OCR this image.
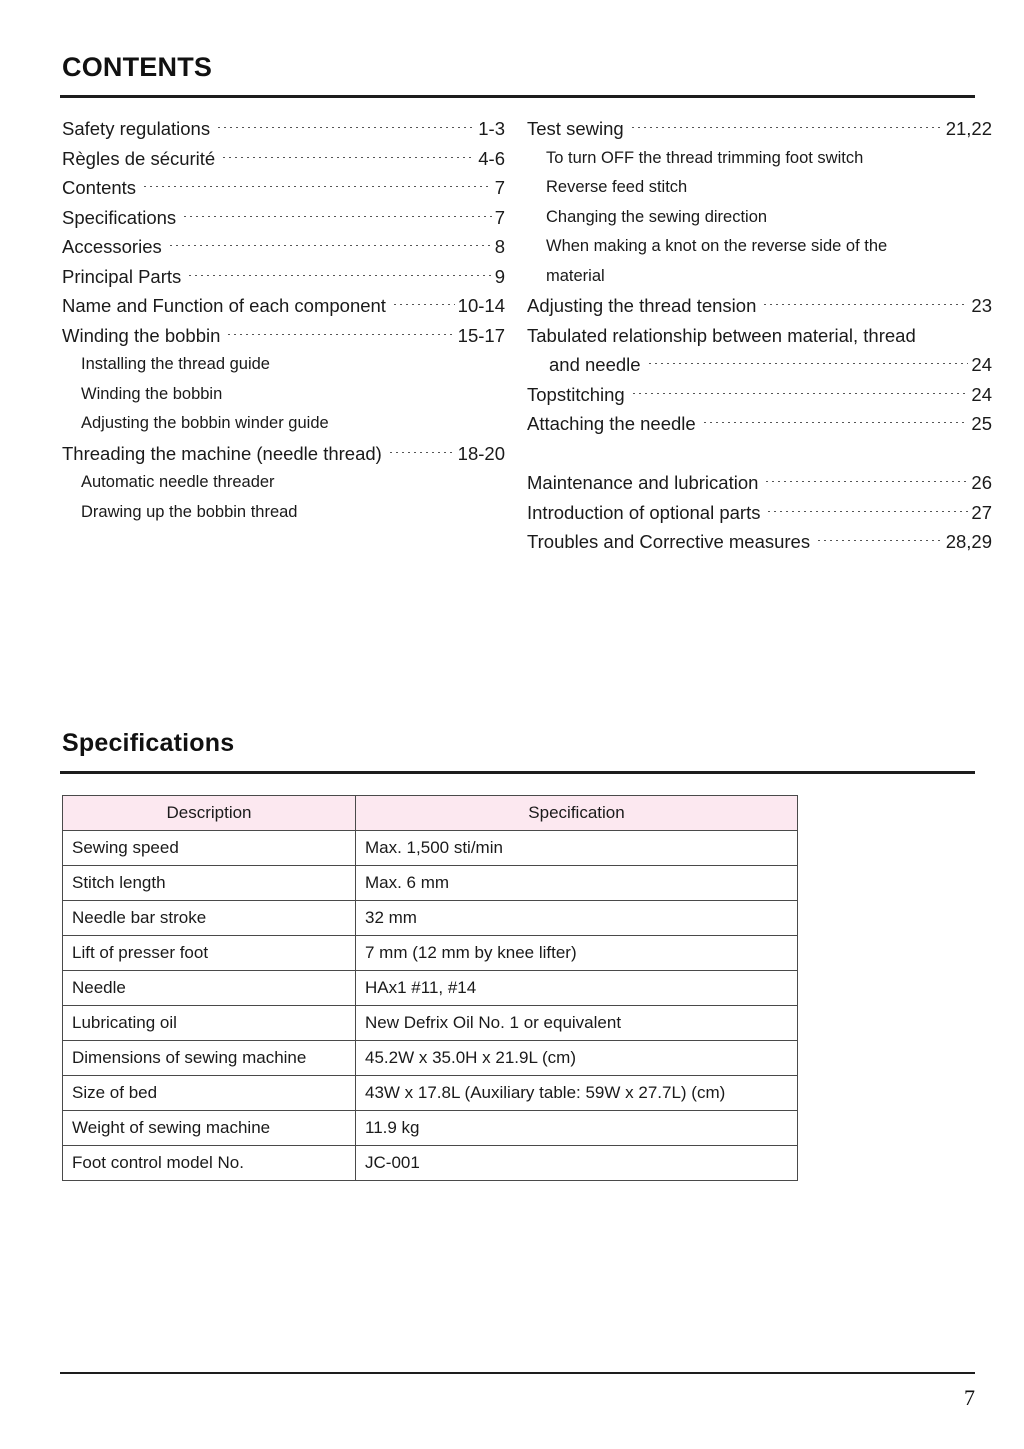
CONTENTS
Safety regulations	1-3
Règles de sécurité	4-6
Contents	7
Specifications	7
Accessories	8
Principal Parts	9
Name and Function of each component	10-14
Winding the bobbin	15-17
Installing the thread guide
Winding the bobbin
Adjusting the bobbin winder guide
Threading the machine (needle thread)	18-20
Automatic needle threader
Drawing up the bobbin thread
Test sewing	21,22
To turn OFF the thread trimming foot switch
Reverse feed stitch
Changing the sewing direction
When making a knot on the reverse side of the
material
Adjusting the thread tension	23
Tabulated relationship between material, thread
and needle	24
Topstitching	24
Attaching the needle	25
Maintenance and lubrication	26
Introduction of optional parts	27
Troubles and Corrective measures	28,29
Specifications
Description	Specification
Sewing speed	Max. 1,500 sti/min
Stitch length	Max. 6 mm
Needle bar stroke	32 mm
Lift of presser foot	7 mm (12 mm by knee lifter)
Needle	HAx1 #11, #14
Lubricating oil	New Defrix Oil No. 1 or equivalent
Dimensions of sewing machine	45.2W x 35.0H x 21.9L (cm)
Size of bed	43W x 17.8L (Auxiliary table: 59W x 27.7L) (cm)
Weight of sewing machine	11.9 kg
Foot control model No.	JC-001
7
